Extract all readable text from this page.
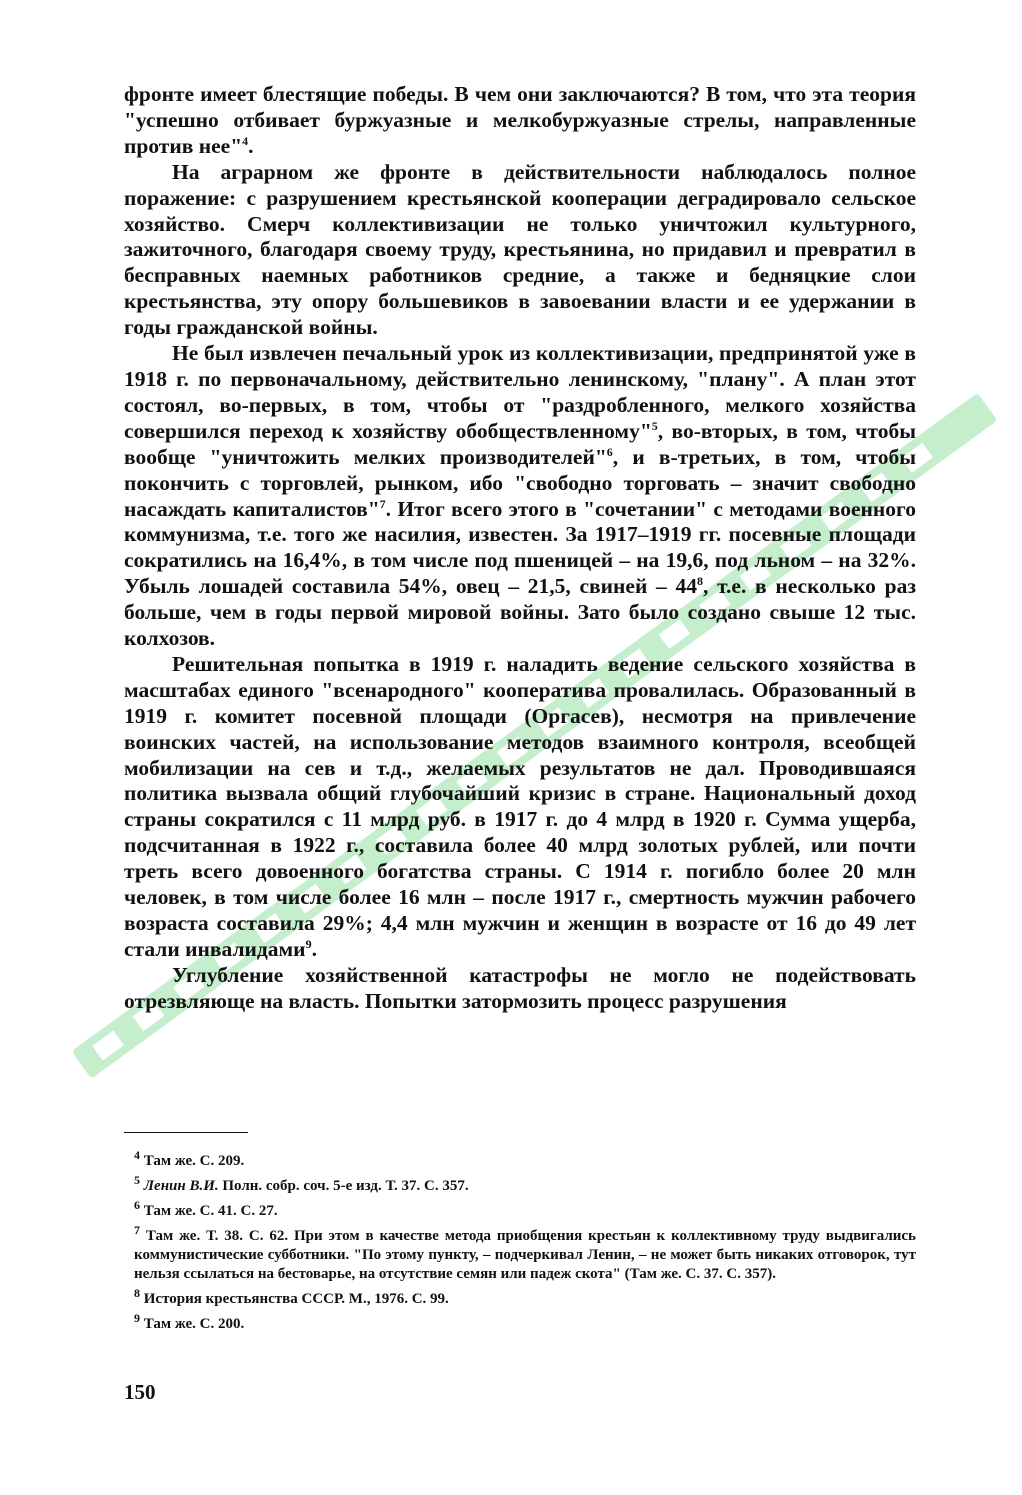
фронте имеет блестящие победы. В чем они заключаются? В том, что эта теория "успешно отбивает буржуазные и мелкобуржуазные стрелы, направленные против нее"$^4$.

На аграрном же фронте в действительности наблюдалось полное поражение: с разрушением крестьянской кооперации деградировало сельское хозяйство. Смерч коллективизации не только уничтожил культурного, зажиточного, благодаря своему труду, крестьянина, но придавил и превратил в бесправных наемных работников средние, а также и бедняцкие слои крестьянства, эту опору большевиков в завоевании власти и ее удержании в годы гражданской войны.

Не был извлечен печальный урок из коллективизации, предпринятой уже в 1918 г. по первоначальному, действительно ленинскому, "плану". А план этот состоял, во-первых, в том, чтобы от "раздробленного, мелкого хозяйства совершился переход к хозяйству обобществленному"$^5$, во-вторых, в том, чтобы вообще "уничтожить мелких производителей"$^6$, и в-третьих, в том, чтобы покончить с торговлей, рынком, ибо "свободно торговать – значит свободно насаждать капиталистов"$^7$. Итог всего этого в "сочетании" с методами военного коммунизма, т.е. того же насилия, известен. За 1917–1919 гг. посевные площади сократились на 16,4%, в том числе под пшеницей – на 19,6, под льном – на 32%. Убыль лошадей составила 54%, овец – 21,5, свиней – $44^8$, т.е. в несколько раз больше, чем в годы первой мировой войны. Зато было создано свыше 12 тыс. колхозов.

Решительная попытка в 1919 г. наладить ведение сельского хозяйства в масштабах единого "всенародного" кооператива провалилась. Образованный в 1919 г. комитет посевной площади (Оргасев), несмотря на привлечение воинских частей, на использование методов взаимного контроля, всеобщей мобилизации на сев и т.д., желаемых результатов не дал. Проводившаяся политика вызвала общий глубочайший кризис в стране. Национальный доход страны сократился с 11 млрд руб. в 1917 г. до 4 млрд в 1920 г. Сумма ущерба, подсчитанная в 1922 г., составила более 40 млрд золотых рублей, или почти треть всего довоенного богатства страны. С 1914 г. погибло более 20 млн человек, в том числе более 16 млн – после 1917 г., смертность мужчин рабочего возраста составила 29%; 4,4 млн мужчин и женщин в возрасте от 16 до 49 лет стали инвалидами$^9$.

Углубление хозяйственной катастрофы не могло не подействовать отрезвляюще на власть. Попытки затормозить процесс разрушения

$^4$ Там же. С. 209.

$^5$ Ленин В.И. Полн. собр. соч. 5-е изд. Т. 37. С. 357.

$^6$ Там же. С. 41. С. 27.

$^7$ Там же. Т. 38. С. 62. При этом в качестве метода приобщения крестьян к коллективному труду выдвигались коммунистические субботники. "По этому пункту, – подчеркивал Ленин, – не может быть никаких отговорок, тут нельзя ссылаться на бестоварье, на отсутствие семян или падеж скота" (Там же. С. 37. С. 357).

$^8$ История крестьянства СССР. М., 1976. С. 99.

$^9$ Там же. С. 200.

150
